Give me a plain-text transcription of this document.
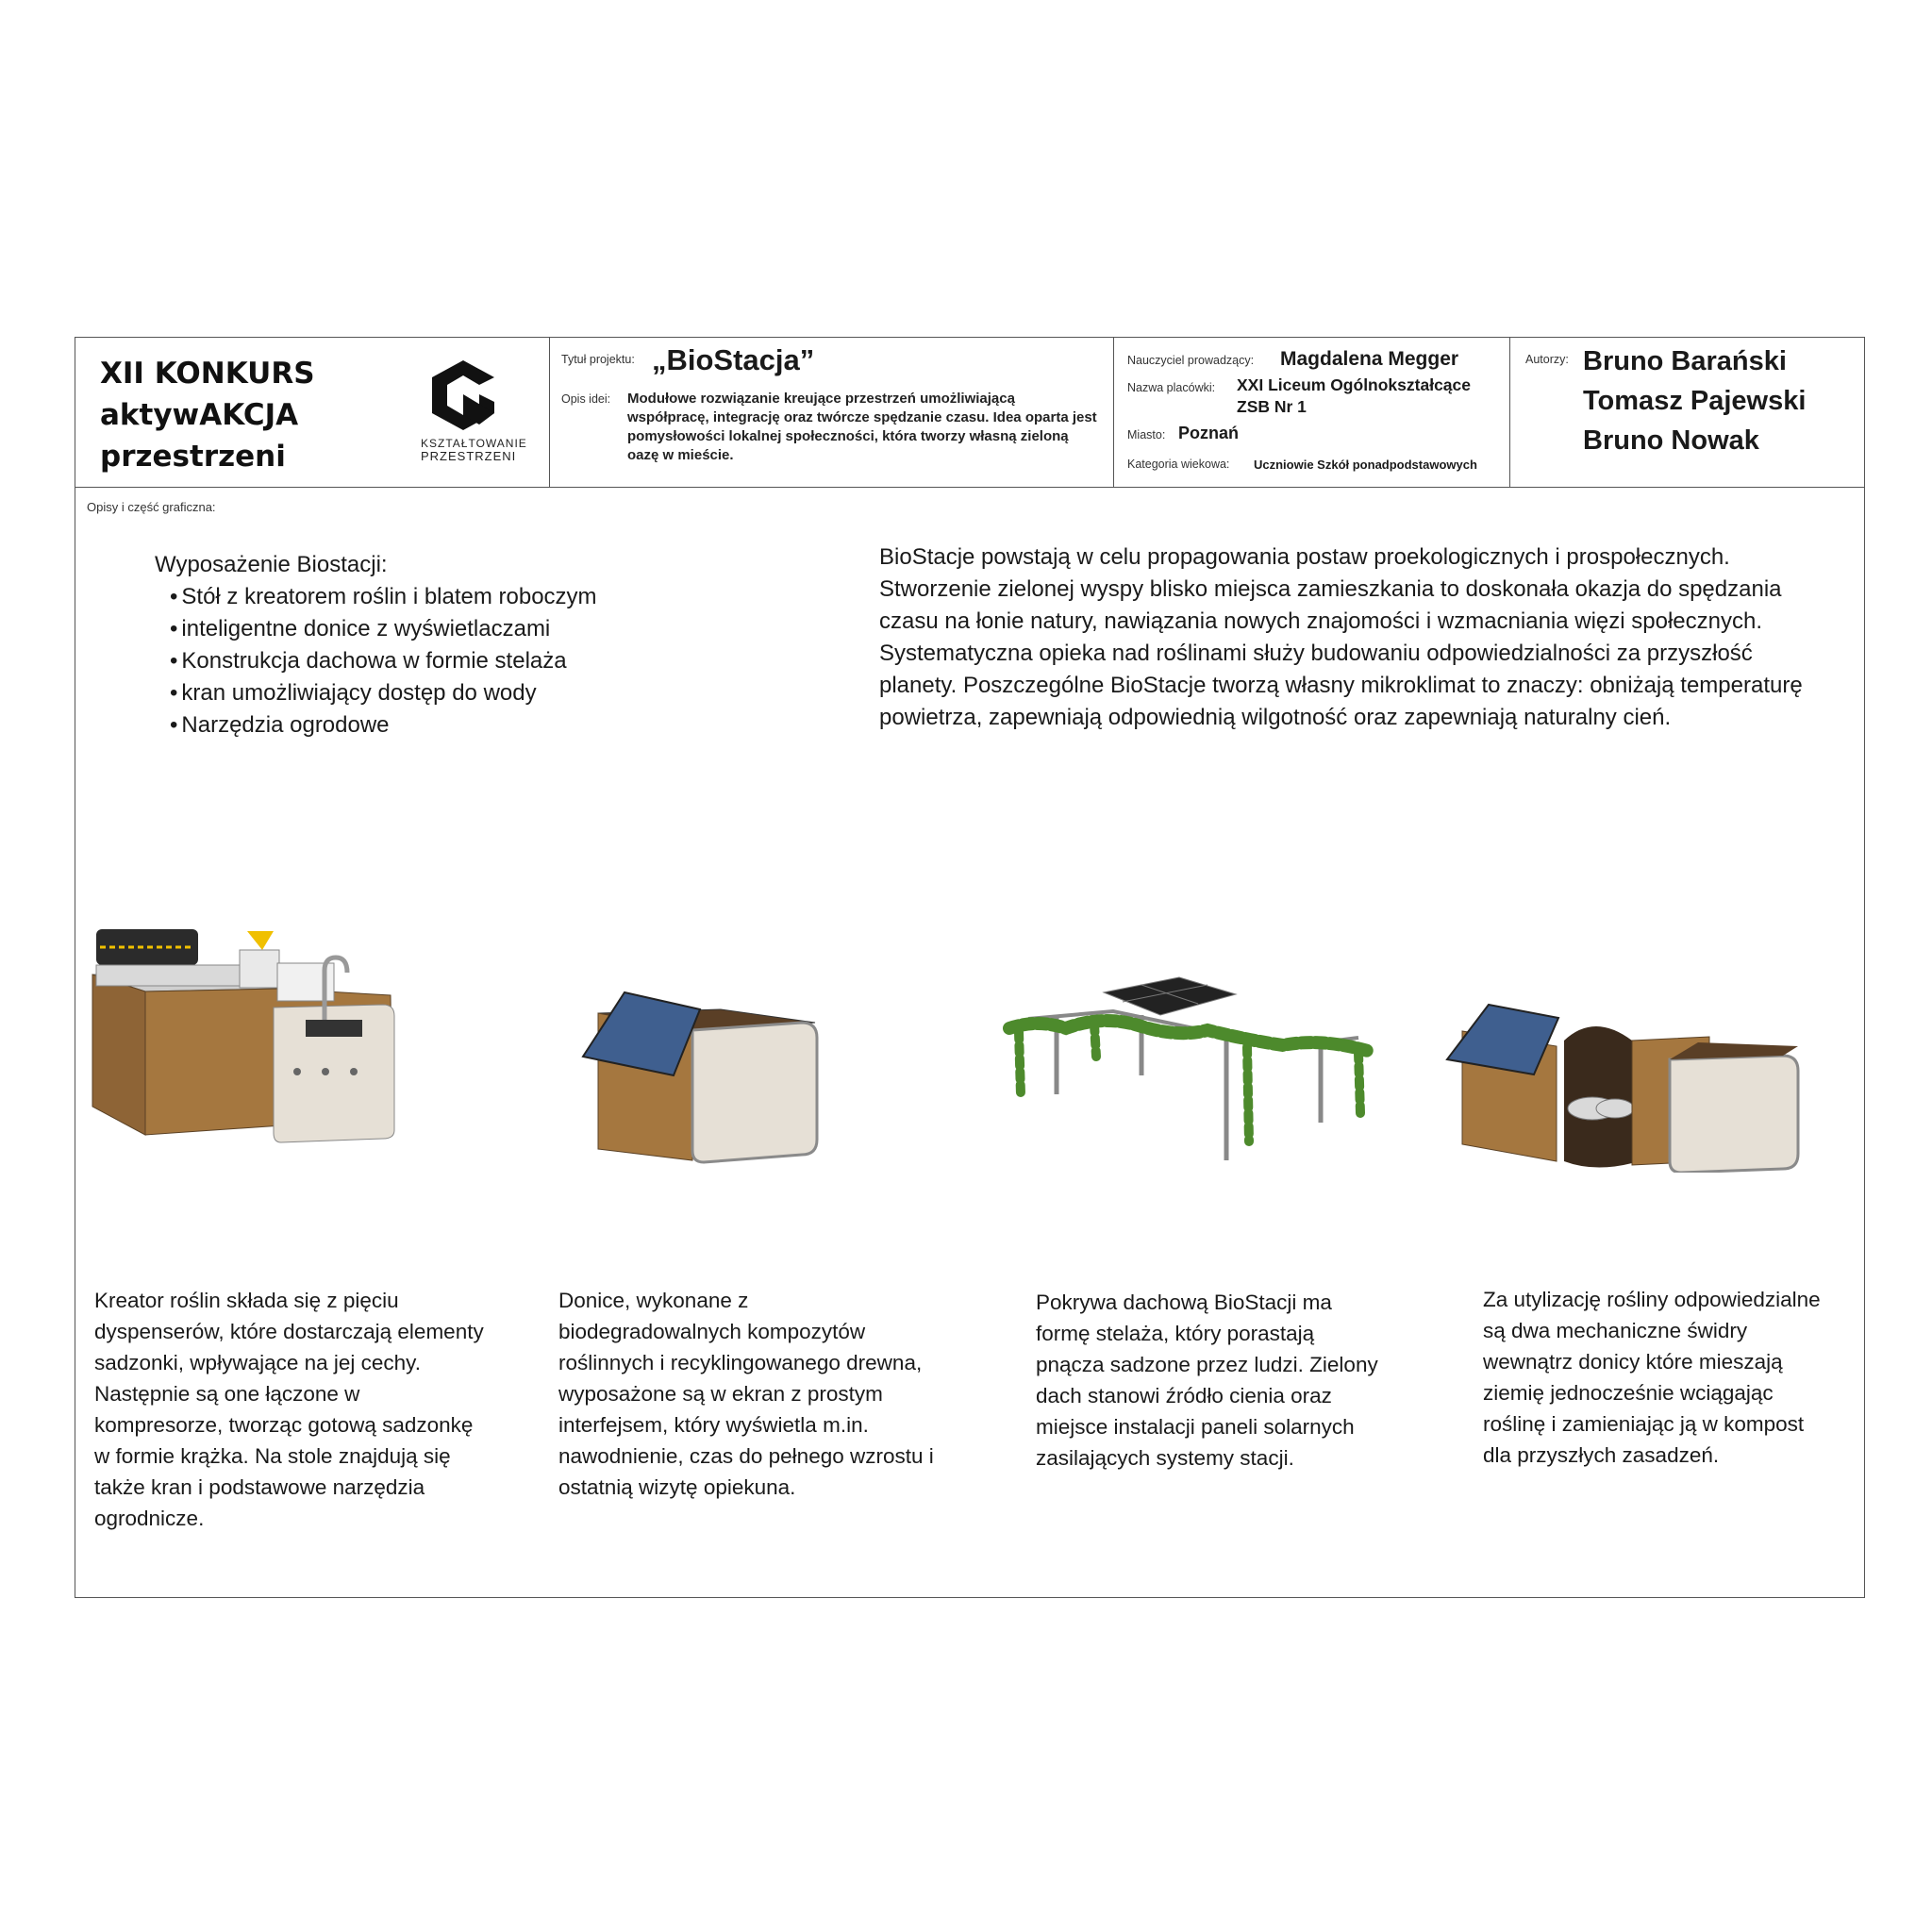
XII KONKURS
aktywAKCJA
przestrzeni	KSZTAŁTOWANIE
PRZESTRZENI
Tytuł projektu: „BioStacja”
Opis idei: Modułowe rozwiązanie kreujące przestrzeń umożliwiającą współpracę, integrację oraz twórcze spędzanie czasu. Idea oparta jest pomysłowości lokalnej społeczności, która tworzy własną zieloną oazę w mieście.
Nauczyciel prowadzący: Magdalena Megger
Nazwa placówki: XXI Liceum Ogólnokształcące
ZSB Nr 1
Miasto: Poznań
Kategoria wiekowa: Uczniowie Szkół ponadpodstawowych
Autorzy: Bruno Barański
Tomasz Pajewski
Bruno Nowak
Opisy i część graficzna:
Wyposażenie Biostacji:
• Stół z kreatorem roślin i blatem roboczym
• inteligentne donice z wyświetlaczami
• Konstrukcja dachowa w formie stelaża
• kran umożliwiający dostęp do wody
• Narzędzia ogrodowe
BioStacje powstają w celu propagowania postaw proekologicznych i prospołecznych. Stworzenie zielonej wyspy blisko miejsca zamieszkania to doskonała okazja do spędzania czasu na łonie natury, nawiązania nowych znajomości i wzmacniania więzi społecznych. Systematyczna opieka nad roślinami służy budowaniu odpowiedzialności za przyszłość planety. Poszczególne BioStacje tworzą własny mikroklimat to znaczy: obniżają temperaturę powietrza, zapewniają odpowiednią wilgotność oraz zapewniają naturalny cień.
Kreator roślin składa się z pięciu dyspenserów, które dostarczają elementy sadzonki, wpływające na jej cechy. Następnie są one łączone w kompresorze, tworząc gotową sadzonkę w formie krążka. Na stole znajdują się także kran i podstawowe narzędzia ogrodnicze.
Donice, wykonane z biodegradowalnych kompozytów roślinnych i recyklingowanego drewna, wyposażone są w ekran z prostym interfejsem, który wyświetla m.in. nawodnienie, czas do pełnego wzrostu i ostatnią wizytę opiekuna.
Pokrywa dachową BioStacji ma formę stelaża, który porastają pnącza sadzone przez ludzi. Zielony dach stanowi źródło cienia oraz miejsce instalacji paneli solarnych zasilających systemy stacji.
Za utylizację rośliny odpowiedzialne są dwa mechaniczne świdry wewnątrz donicy które mieszają ziemię jednocześnie wciągając roślinę i zamieniając ją w kompost dla przyszłych zasadzeń.
